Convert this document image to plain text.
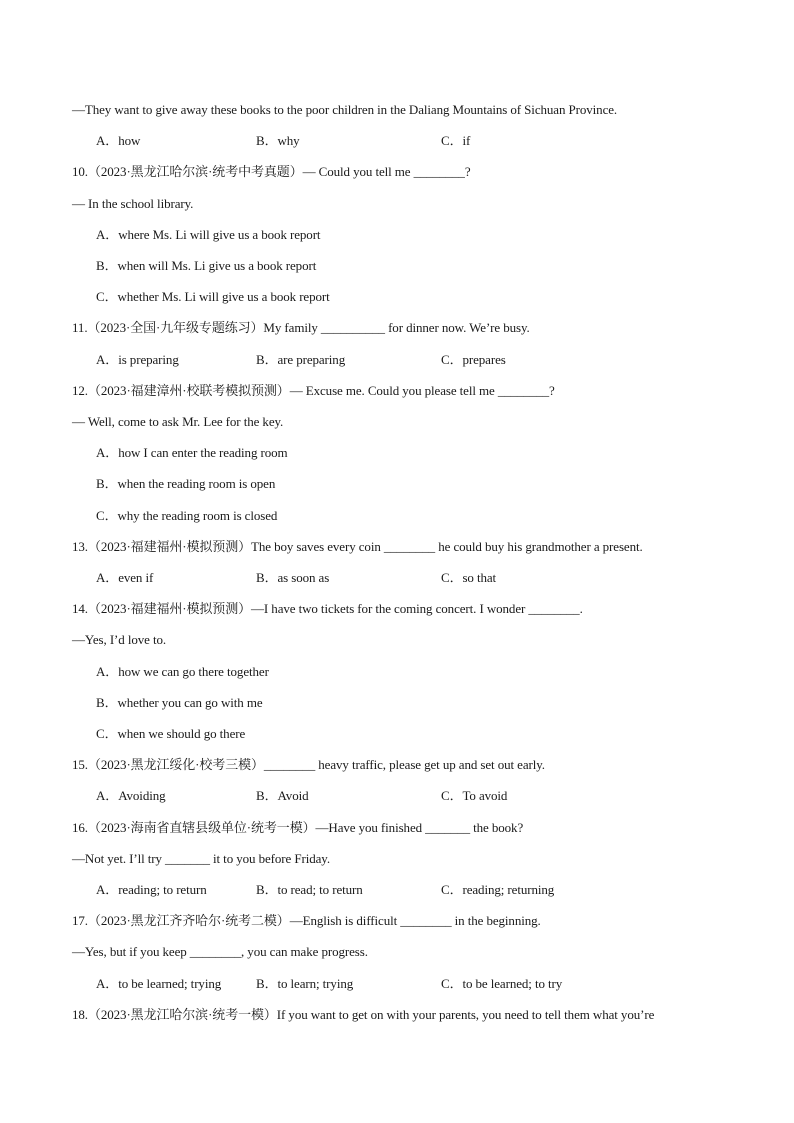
—They want to give away these books to the poor children in the Daliang Mountains of Sichuan Province.
A．how	B．why	C．if
10.（2023·黑龙江哈尔滨·统考中考真题）— Could you tell me ________?
— In the school library.
A．where Ms. Li will give us a book report
B．when will Ms. Li give us a book report
C．whether Ms. Li will give us a book report
11.（2023·全国·九年级专题练习）My family __________ for dinner now. We’re busy.
A．is preparing	B．are preparing	C．prepares
12.（2023·福建漳州·校联考模拟预测）— Excuse me. Could you please tell me ________?
— Well, come to ask Mr. Lee for the key.
A．how I can enter the reading room
B．when the reading room is open
C．why the reading room is closed
13.（2023·福建福州·模拟预测）The boy saves every coin ________ he could buy his grandmother a present.
A．even if	B．as soon as	C．so that
14.（2023·福建福州·模拟预测）—I have two tickets for the coming concert. I wonder ________.
—Yes, I’d love to.
A．how we can go there together
B．whether you can go with me
C．when we should go there
15.（2023·黑龙江绥化·校考三模）________ heavy traffic, please get up and set out early.
A．Avoiding	B．Avoid	C．To avoid
16.（2023·海南省直辖县级单位·统考一模）—Have you finished _______ the book?
—Not yet. I’ll try _______ it to you before Friday.
A．reading; to return	B．to read; to return	C．reading; returning
17.（2023·黑龙江齐齐哈尔·统考二模）—English is difficult ________ in the beginning.
—Yes, but if you keep ________, you can make progress.
A．to be learned; trying	B．to learn; trying	C．to be learned; to try
18.（2023·黑龙江哈尔滨·统考一模）If you want to get on with your parents, you need to tell them what you’re
